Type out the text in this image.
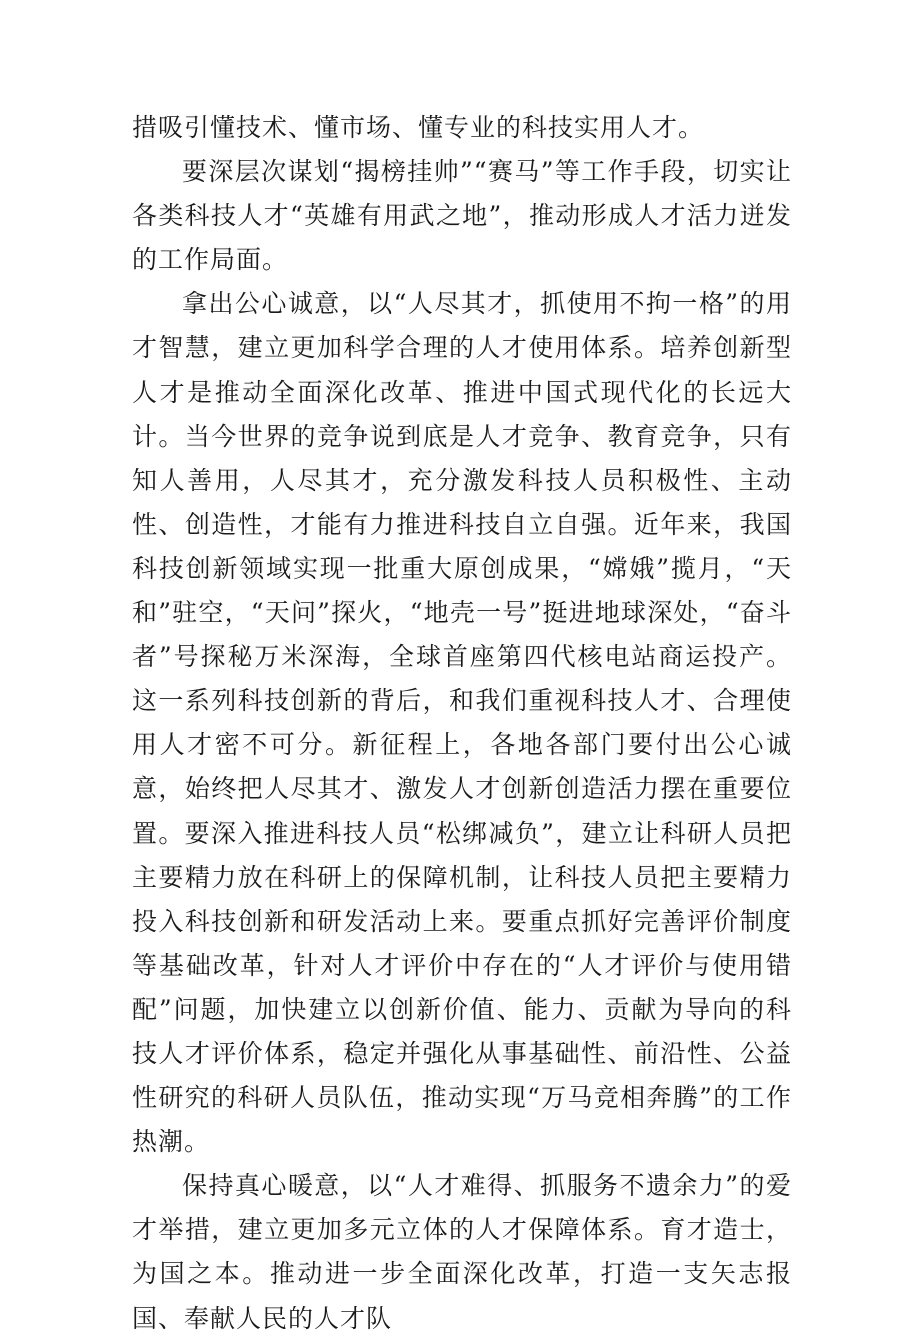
措吸引懂技术、懂市场、懂专业的科技实用人才。

要深层次谋划“揭榜挂帅”“赛马”等工作手段，切实让各类科技人才“英雄有用武之地”，推动形成人才活力迸发的工作局面。

拿出公心诚意，以“人尽其才，抓使用不拘一格”的用才智慧，建立更加科学合理的人才使用体系。培养创新型人才是推动全面深化改革、推进中国式现代化的长远大计。当今世界的竞争说到底是人才竞争、教育竞争，只有知人善用，人尽其才，充分激发科技人员积极性、主动性、创造性，才能有力推进科技自立自强。近年来，我国科技创新领域实现一批重大原创成果，“嫦娥”揽月，“天和”驻空，“天问”探火，“地壳一号”挺进地球深处，“奋斗者”号探秘万米深海，全球首座第四代核电站商运投产。这一系列科技创新的背后，和我们重视科技人才、合理使用人才密不可分。新征程上，各地各部门要付出公心诚意，始终把人尽其才、激发人才创新创造活力摆在重要位置。要深入推进科技人员“松绑减负”，建立让科研人员把主要精力放在科研上的保障机制，让科技人员把主要精力投入科技创新和研发活动上来。要重点抓好完善评价制度等基础改革，针对人才评价中存在的“人才评价与使用错配”问题，加快建立以创新价值、能力、贡献为导向的科技人才评价体系，稳定并强化从事基础性、前沿性、公益性研究的科研人员队伍，推动实现“万马竞相奔腾”的工作热潮。

保持真心暖意，以“人才难得、抓服务不遗余力”的爱才举措，建立更加多元立体的人才保障体系。育才造士，为国之本。推动进一步全面深化改革，打造一支矢志报国、奉献人民的人才队
